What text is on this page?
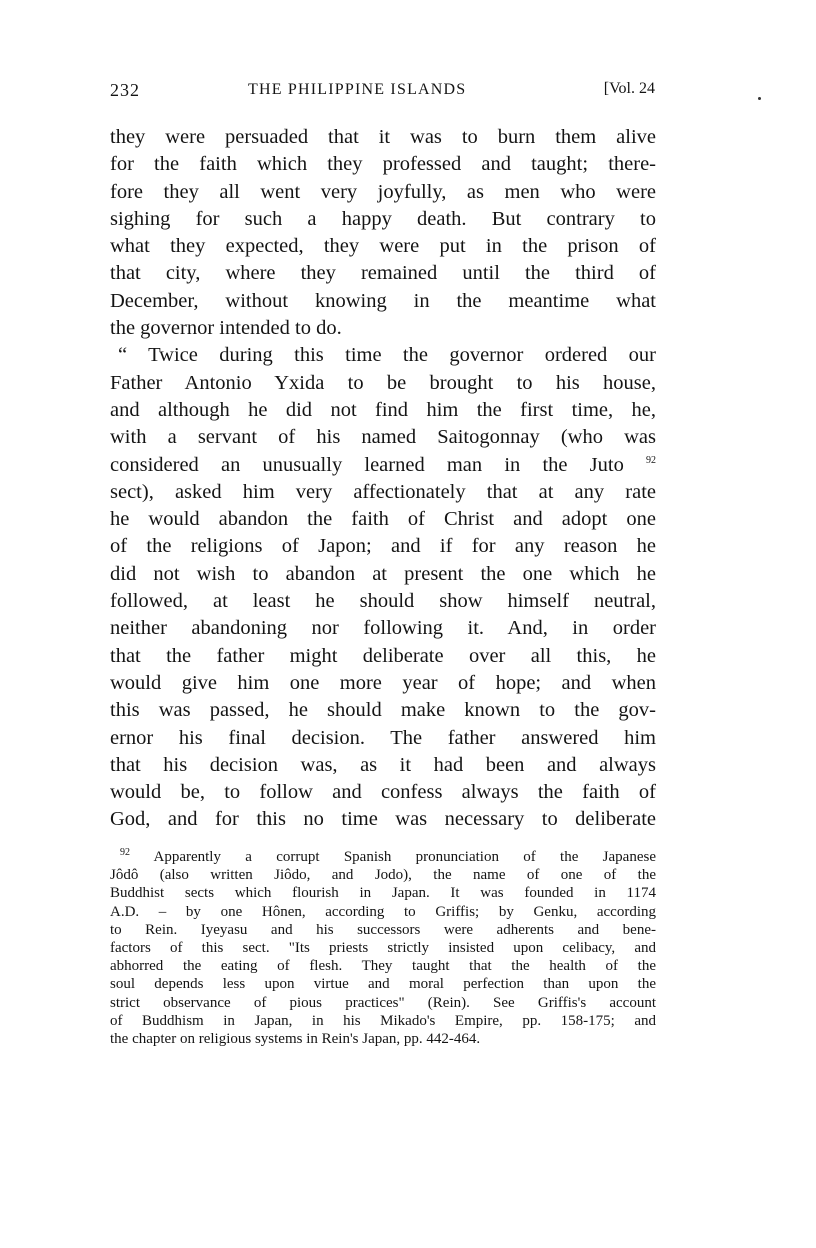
232	THE PHILIPPINE ISLANDS	[Vol. 24
they were persuaded that it was to burn them alive
for the faith which they professed and taught; there-
fore they all went very joyfully, as men who were
sighing for such a happy death. But contrary to
what they expected, they were put in the prison of
that city, where they remained until the third of
December, without knowing in the meantime what
the governor intended to do.
“ Twice during this time the governor ordered our
Father Antonio Yxida to be brought to his house,
and although he did not find him the first time, he,
with a servant of his named Saitogonnay (who was
considered an unusually learned man in the Juto $^{92}$
sect), asked him very affectionately that at any rate
he would abandon the faith of Christ and adopt one
of the religions of Japon; and if for any reason he
did not wish to abandon at present the one which he
followed, at least he should show himself neutral,
neither abandoning nor following it. And, in order
that the father might deliberate over all this, he
would give him one more year of hope; and when
this was passed, he should make known to the gov-
ernor his final decision. The father answered him
that his decision was, as it had been and always
would be, to follow and confess always the faith of
God, and for this no time was necessary to deliberate
$^{92}$ Apparently a corrupt Spanish pronunciation of the Japanese
Jôdô (also written Jiôdo, and Jodo), the name of one of the
Buddhist sects which flourish in Japan. It was founded in 1174
A.D. – by one Hônen, according to Griffis; by Genku, according
to Rein. Iyeyasu and his successors were adherents and bene-
factors of this sect. "Its priests strictly insisted upon celibacy, and
abhorred the eating of flesh. They taught that the health of the
soul depends less upon virtue and moral perfection than upon the
strict observance of pious practices" (Rein). See Griffis's account
of Buddhism in Japan, in his Mikado's Empire, pp. 158-175; and
the chapter on religious systems in Rein's Japan, pp. 442-464.
